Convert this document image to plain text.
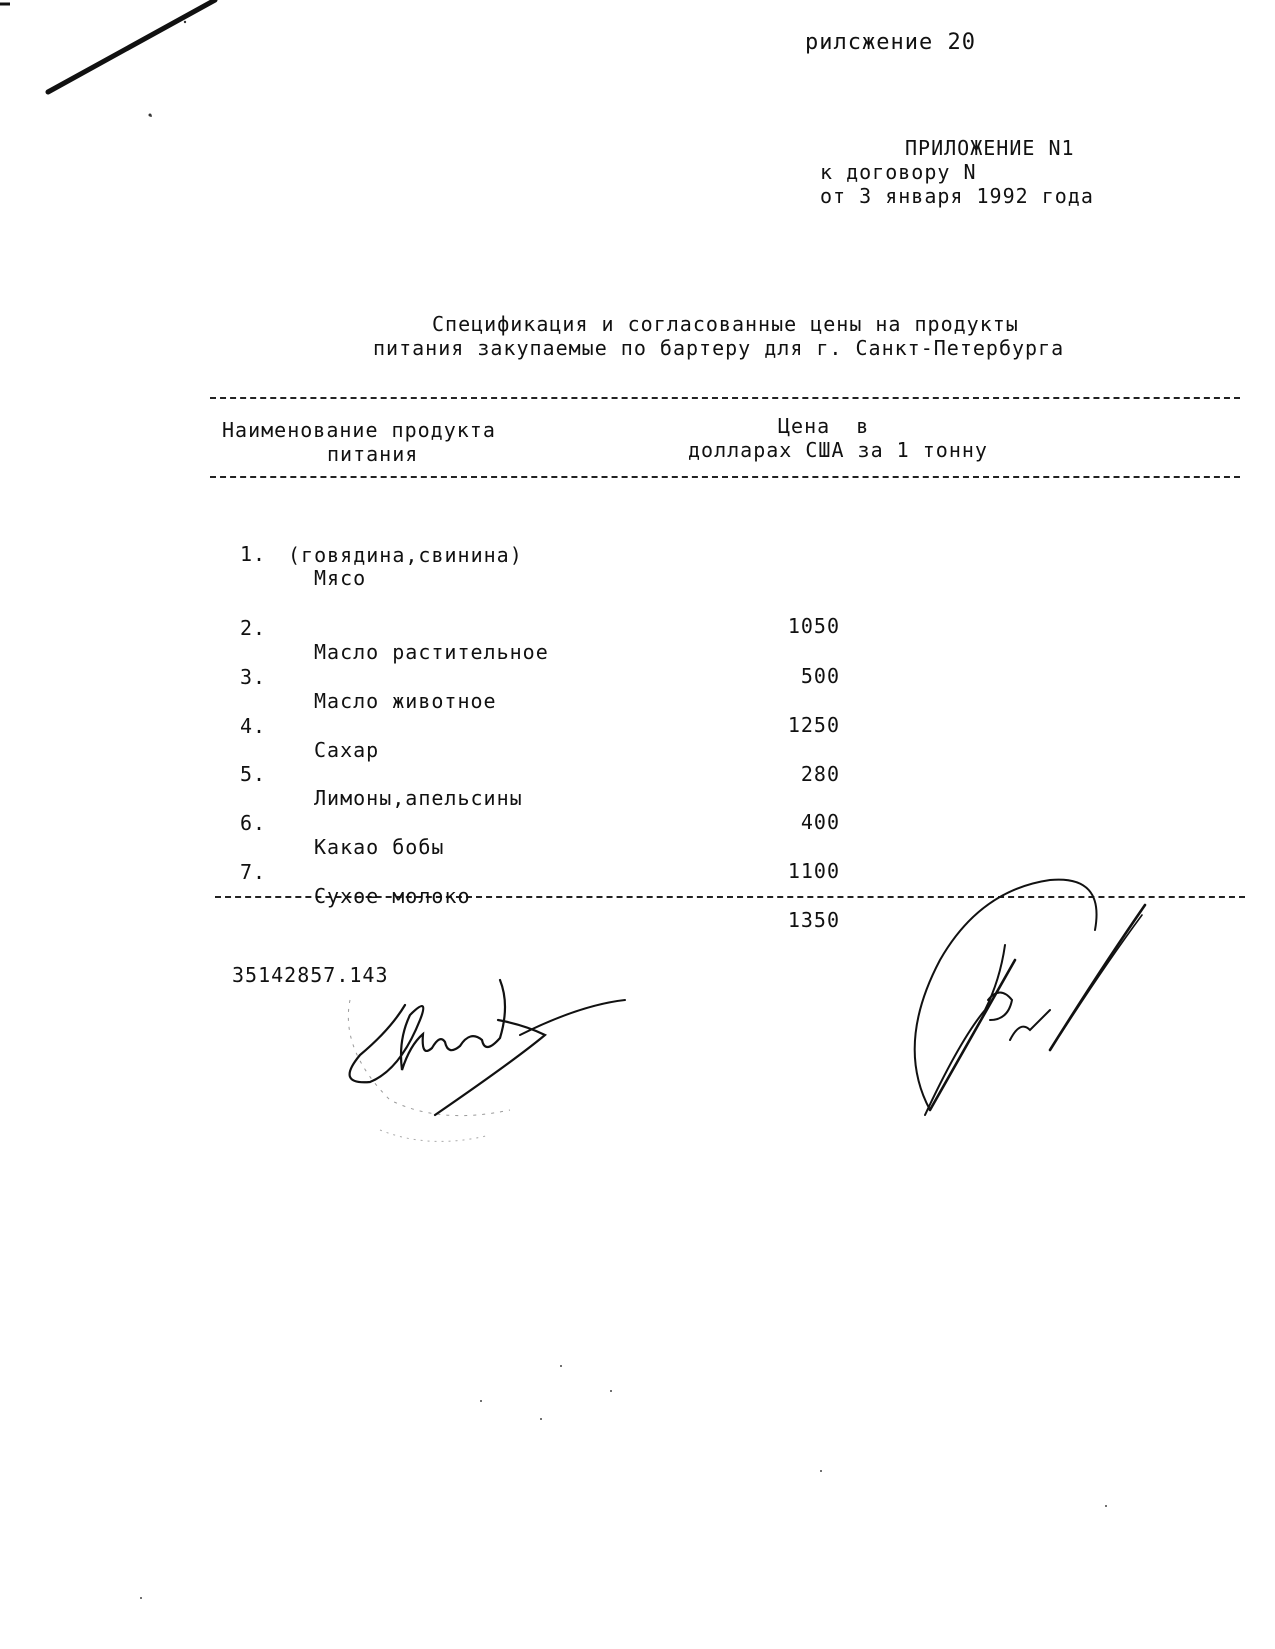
рилсжение 20
ПРИЛОЖЕНИЕ N1
к договору N
от 3 января 1992 года
Спецификация и согласованные цены на продукты
питания закупаемые по бартеру для г. Санкт-Петербурга
Наименование продукта
питания
Цена  в
долларах США за 1 тонну

1.

Мясо

(говядина,свинина)

1050

2.

Масло растительное

500

3.

Масло животное

1250

4.

Сахар

280

5.

Лимоны,апельсины

400

6.

Какао бобы

1100

7.

Сухое молоко

1350

35142857.143
